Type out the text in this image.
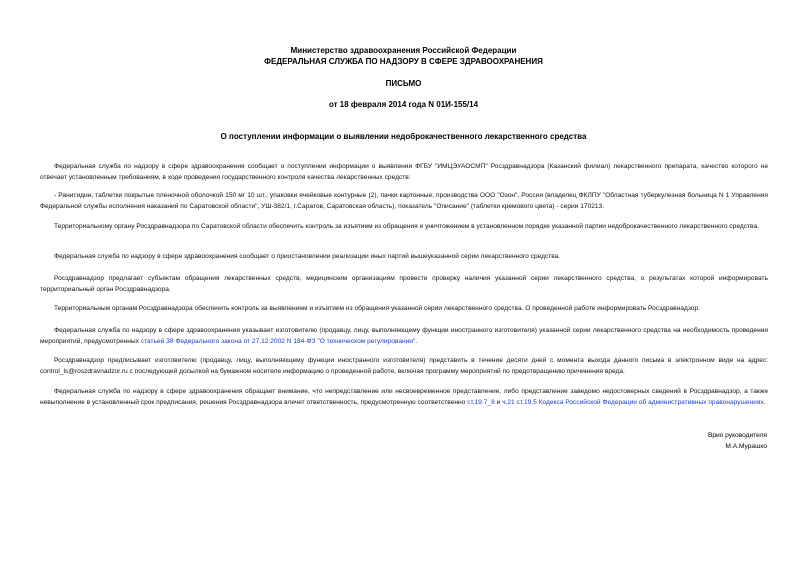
Министерство здравоохранения Российской Федерации
ФЕДЕРАЛЬНАЯ СЛУЖБА ПО НАДЗОРУ В СФЕРЕ ЗДРАВООХРАНЕНИЯ
ПИСЬМО
от 18 февраля 2014 года N 01И-155/14
О поступлении информации о выявлении недоброкачественного лекарственного средства
Федеральная служба по надзору в сфере здравоохранения сообщает о поступлении информации о выявлении ФГБУ "ИМЦЭУАОСМП" Росздравнадзора (Казанский филиал) лекарственного препарата, качество которого не отвечает установленным требованиям, в ходе проведения государственного контроля качества лекарственных средств:
- Ранитидин, таблетки покрытые пленочной оболочкой 150 мг 10 шт., упаковки ячейковые контурные (2), пачки картонные, производства ООО "Озон", Россия (владелец ФКЛПУ "Областная туберкулезная больница N 1 Управления Федеральной службы исполнения наказаний по Саратовской области", УШ-382/1, г.Саратов, Саратовская область), показатель "Описание" (таблетки кремового цвета) - серии 170213.
Территориальному органу Росздравнадзора по Саратовской области обеспечить контроль за изъятием из обращения и уничтожением в установленном порядке указанной партии недоброкачественного лекарственного средства.
Федеральная служба по надзору в сфере здравоохранения сообщает о приостановлении реализации иных партий вышеуказанной серии лекарственного средства.
Росздравнадзор предлагает субъектам обращения лекарственных средств, медицинским организациям провести проверку наличия указанной серии лекарственного средства, о результатах которой информировать территориальный орган Росздравнадзора.
Территориальным органам Росздравнадзора обеспечить контроль за выявлением и изъятием из обращения указанной серии лекарственного средства. О проведенной работе информировать Росздравнадзор.
Федеральная служба по надзору в сфере здравоохранения указывает изготовителю (продавцу, лицу, выполняющему функции иностранного изготовителя) указанной серии лекарственного средства на необходимость проведения мероприятий, предусмотренных статьей 38 Федерального закона от 27.12.2002 N 184-ФЗ "О техническом регулировании".
Росздравнадзор предписывает изготовителю (продавцу, лицу, выполняющему функции иностранного изготовителя) представить в течение десяти дней с момента выхода данного письма в электронном виде на адрес: control_ls@roszdravnadzor.ru с последующей досылкой на бумажном носителе информацию о проведенной работе, включая программу мероприятий по предотвращению причинения вреда.
Федеральная служба по надзору в сфере здравоохранения обращает внимание, что непредставление или несвоевременное представление, либо представление заведомо недостоверных сведений в Росздравнадзор, а также невыполнение в установленный срок предписания, решения Росздравнадзора влечет ответственность, предусмотренную соответственно ст.19.7_8 и ч.21 ст.19.5 Кодекса Российской Федерации об административных правонарушениях.
Врио руководителя
М.А.Мурашко
